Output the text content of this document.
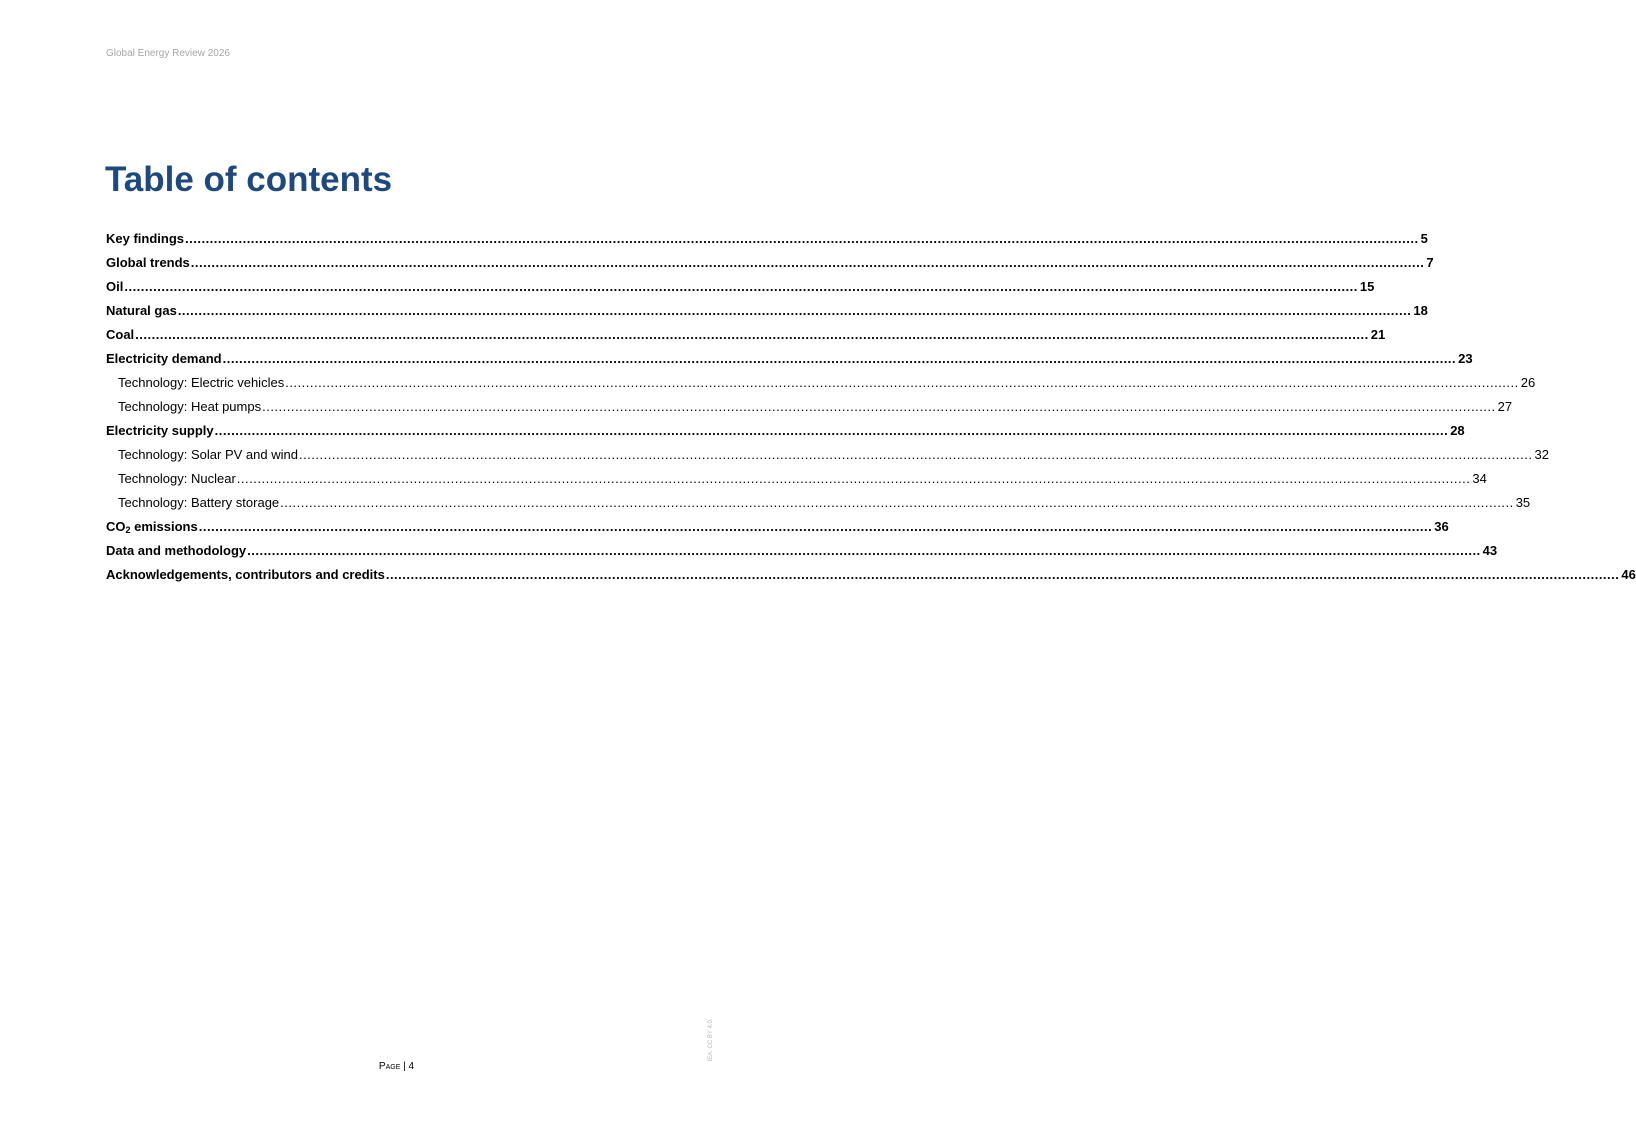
Global Energy Review 2026
Table of contents
Key findings ............................................................................................................................................................................................................................................................................................................ 5
Global trends ............................................................................................................................................................................................................................................................................................................ 7
Oil ............................................................................................................................................................................................................................................................................................................ 15
Natural gas ............................................................................................................................................................................................................................................................................................................ 18
Coal ............................................................................................................................................................................................................................................................................................................ 21
Electricity demand ............................................................................................................................................................................................................................................................................................................ 23
Technology: Electric vehicles ............................................................................................................................................................................................................................................................................................................ 26
Technology: Heat pumps ............................................................................................................................................................................................................................................................................................................ 27
Electricity supply ............................................................................................................................................................................................................................................................................................................ 28
Technology: Solar PV and wind ............................................................................................................................................................................................................................................................................................................ 32
Technology: Nuclear ............................................................................................................................................................................................................................................................................................................ 34
Technology: Battery storage ............................................................................................................................................................................................................................................................................................................ 35
$CO_2$ emissions ............................................................................................................................................................................................................................................................................................................ 36
Data and methodology ............................................................................................................................................................................................................................................................................................................ 43
Acknowledgements, contributors and credits ............................................................................................................................................................................................................................................................................................................ 46
Page | 4
IEA. CC BY 4.0.
